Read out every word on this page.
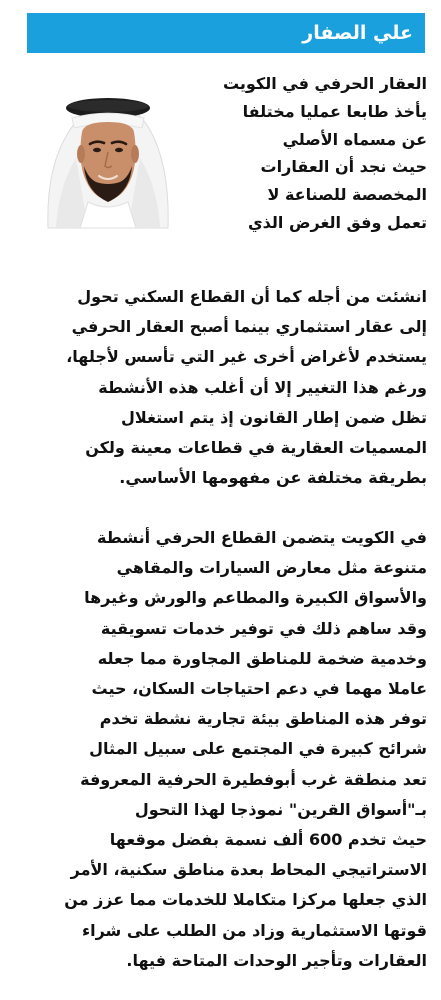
علي الصفار
العقار الحرفي في الكويت
يأخذ طابعا عمليا مختلفا
عن مسماه الأصلي
حيث نجد أن العقارات
المخصصة للصناعة لا
تعمل وفق الغرض الذي
انشئت من أجله كما أن القطاع السكني تحول
إلى عقار استثماري بينما أصبح العقار الحرفي
يستخدم لأغراض أخرى غير التي تأسس لأجلها،
ورغم هذا التغيير إلا أن أغلب هذه الأنشطة
تظل ضمن إطار القانون إذ يتم استغلال
المسميات العقارية في قطاعات معينة ولكن
بطريقة مختلفة عن مفهومها الأساسي.
في الكويت يتضمن القطاع الحرفي أنشطة
متنوعة مثل معارض السيارات والمقاهي
والأسواق الكبيرة والمطاعم والورش وغيرها
وقد ساهم ذلك في توفير خدمات تسويقية
وخدمية ضخمة للمناطق المجاورة مما جعله
عاملا مهما في دعم احتياجات السكان، حيث
توفر هذه المناطق بيئة تجارية نشطة تخدم
شرائح كبيرة في المجتمع على سبيل المثال
تعد منطقة غرب أبوفطيرة الحرفية المعروفة
بـ"أسواق القرين" نموذجا لهذا التحول
حيث تخدم 600 ألف نسمة بفضل موقعها
الاستراتيجي المحاط بعدة مناطق سكنية، الأمر
الذي جعلها مركزا متكاملا للخدمات مما عزز من
قوتها الاستثمارية وزاد من الطلب على شراء
العقارات وتأجير الوحدات المتاحة فيها.
